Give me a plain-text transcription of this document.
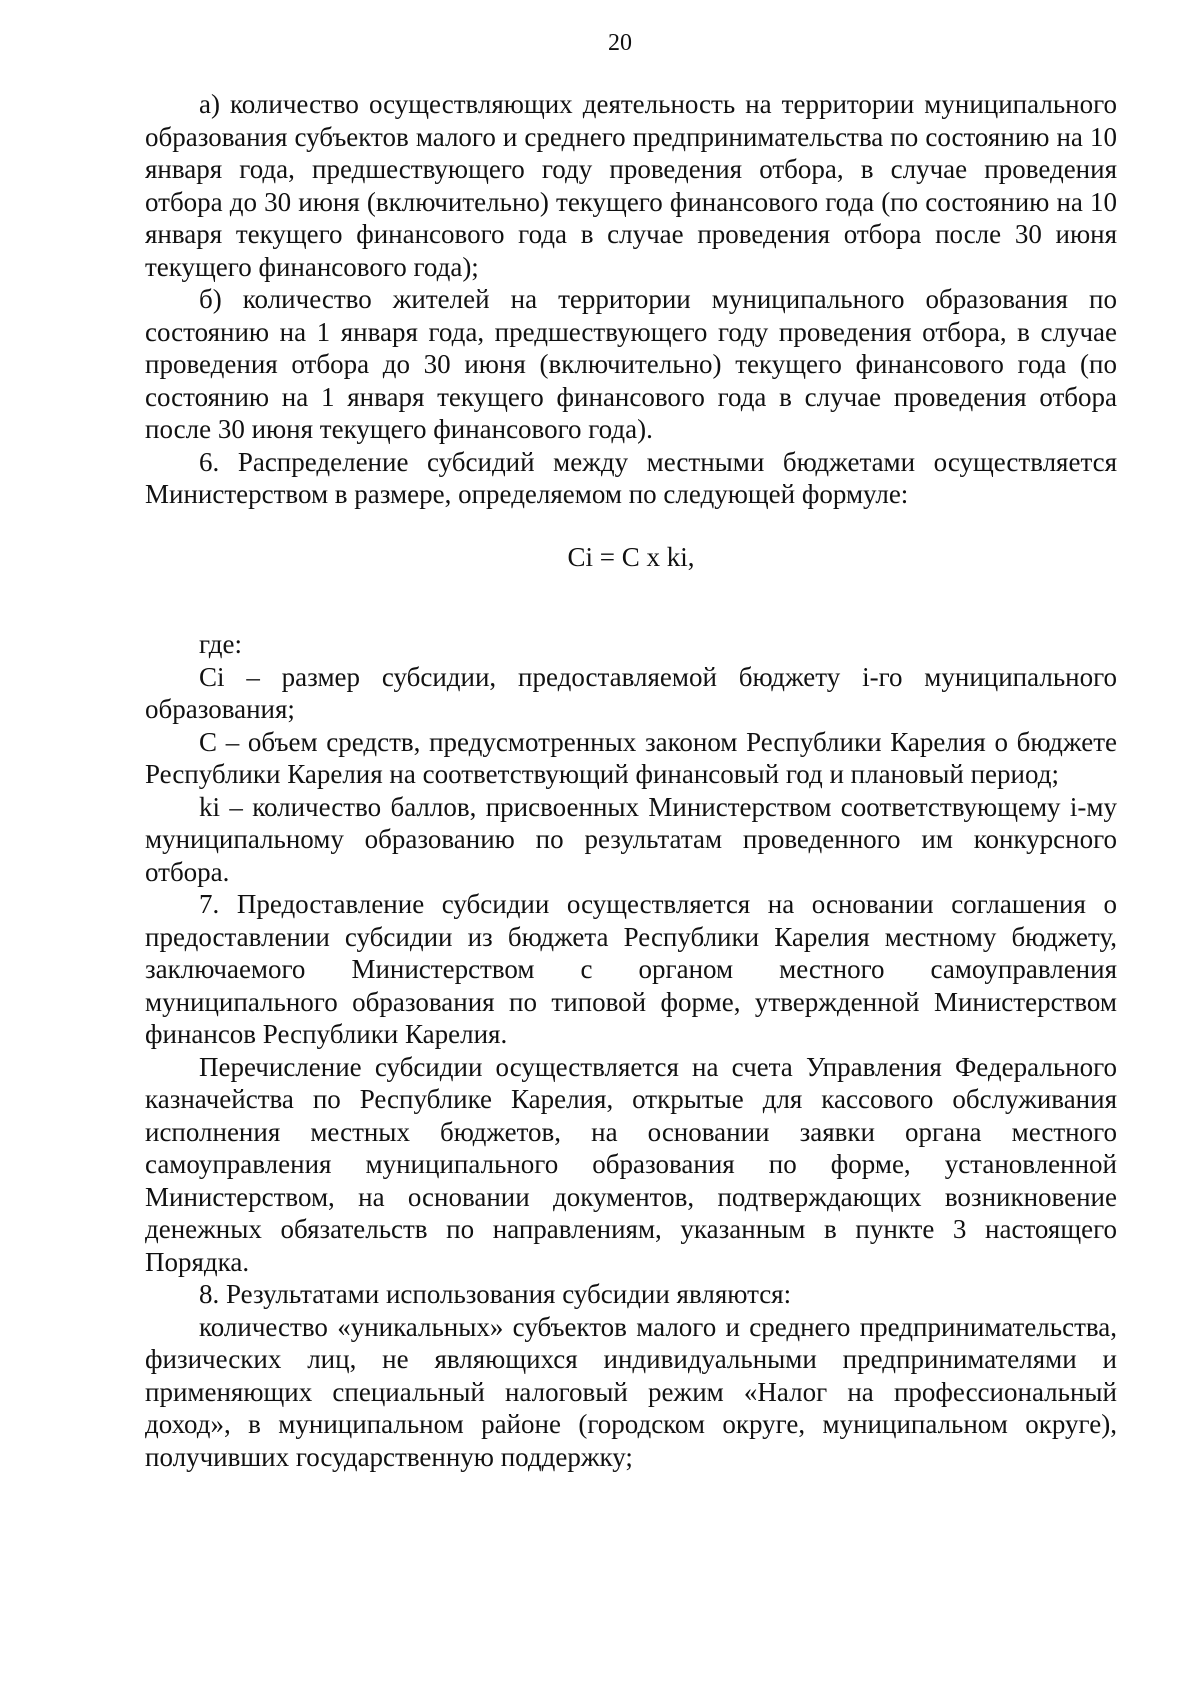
20

а) количество осуществляющих деятельность на территории муниципального образования субъектов малого и среднего предпринимательства по состоянию на 10 января года, предшествующего году проведения отбора, в случае проведения отбора до 30 июня (включительно) текущего финансового года (по состоянию на 10 января текущего финансового года в случае проведения отбора после 30 июня текущего финансового года);

б) количество жителей на территории муниципального образования по состоянию на 1 января года, предшествующего году проведения отбора, в случае проведения отбора до 30 июня (включительно) текущего финансового года (по состоянию на 1 января текущего финансового года в случае проведения отбора после 30 июня текущего финансового года).

6. Распределение субсидий между местными бюджетами осуществляется Министерством в размере, определяемом по следующей формуле:

Ci = C x ki,

где:

Ci – размер субсидии, предоставляемой бюджету i-го муниципального образования;

С – объем средств, предусмотренных законом Республики Карелия о бюджете Республики Карелия на соответствующий финансовый год и плановый период;

ki – количество баллов, присвоенных Министерством соответствующему i-му муниципальному образованию по результатам проведенного им конкурсного отбора.

7. Предоставление субсидии осуществляется на основании соглашения о предоставлении субсидии из бюджета Республики Карелия местному бюджету, заключаемого Министерством с органом местного самоуправления муниципального образования по типовой форме, утвержденной Министерством финансов Республики Карелия.

Перечисление субсидии осуществляется на счета Управления Федерального казначейства по Республике Карелия, открытые для кассового обслуживания исполнения местных бюджетов, на основании заявки органа местного самоуправления муниципального образования по форме, установленной Министерством, на основании документов, подтверждающих возникновение денежных обязательств по направлениям, указанным в пункте 3 настоящего Порядка.

8. Результатами использования субсидии являются:

количество «уникальных» субъектов малого и среднего предпринимательства, физических лиц, не являющихся индивидуальными предпринимателями и применяющих специальный налоговый режим «Налог на профессиональный доход», в муниципальном районе (городском округе, муниципальном округе), получивших государственную поддержку;
